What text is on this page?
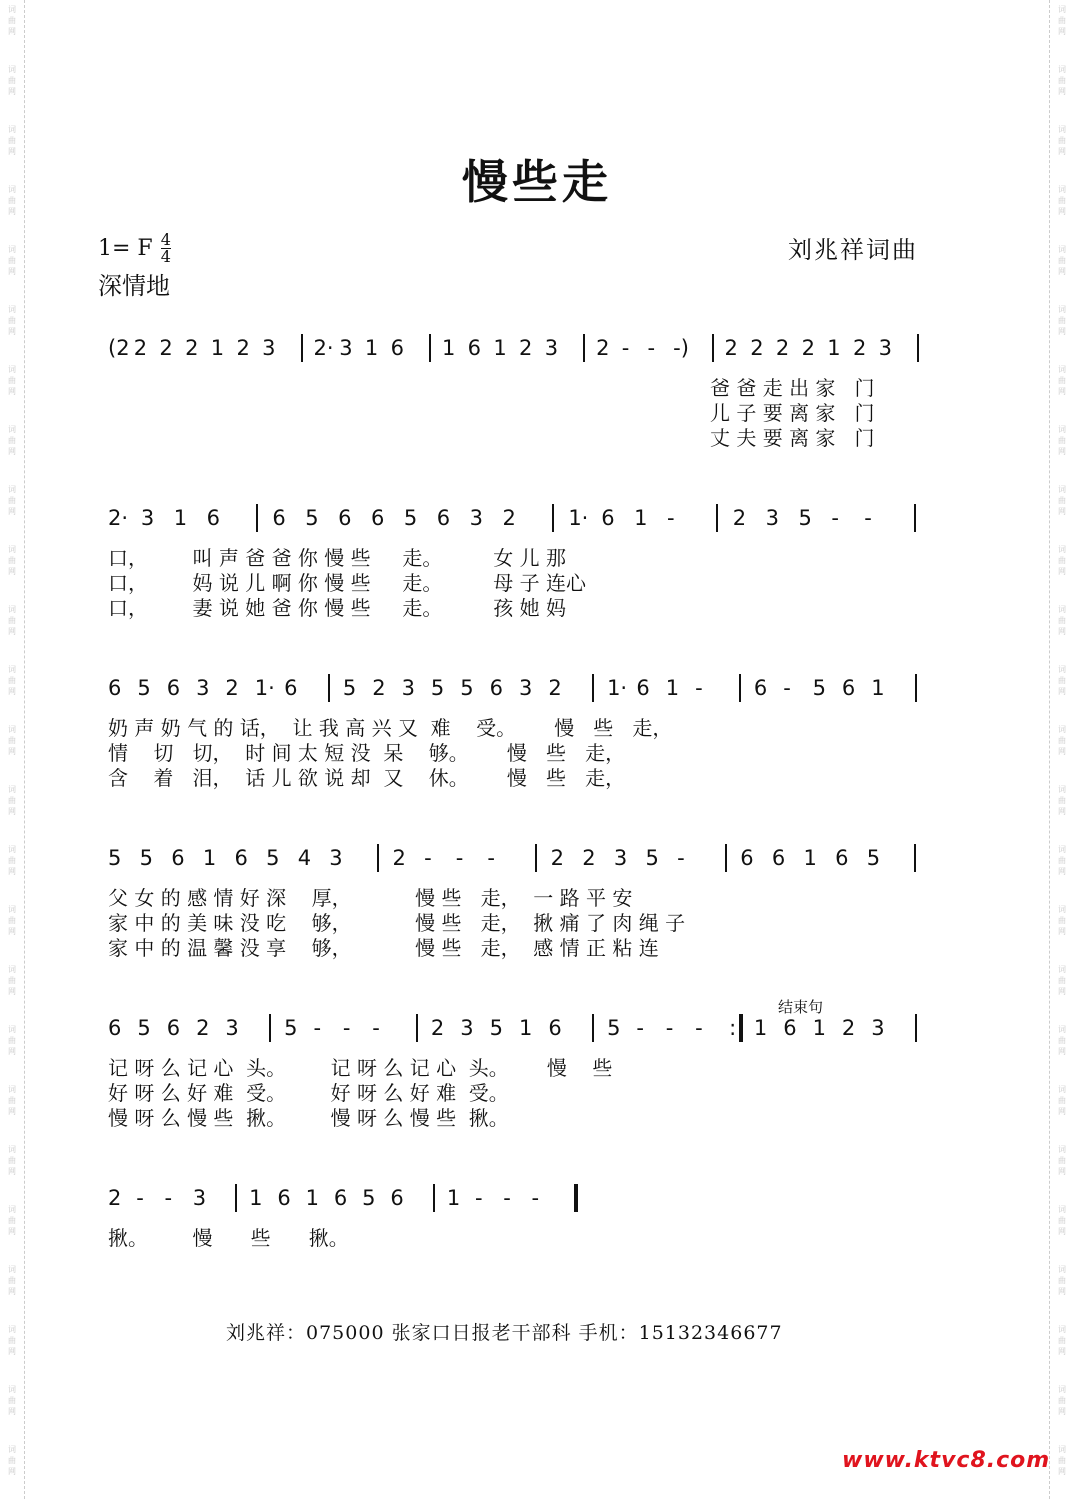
词
曲
网
词
曲
网
词
曲
网
词
曲
网
词
曲
网
词
曲
网
词
曲
网
词
曲
网
词
曲
网
词
曲
网
词
曲
网
词
曲
网
词
曲
网
词
曲
网
词
曲
网
词
曲
网
词
曲
网
词
曲
网
词
曲
网
词
曲
网
词
曲
网
词
曲
网
词
曲
网
词
曲
网
词
曲
网
词
曲
网
词
曲
网
词
曲
网
词
曲
网
词
曲
网
词
曲
网
词
曲
网
词
曲
网
词
曲
网
词
曲
网
词
曲
网
词
曲
网
词
曲
网
词
曲
网
词
曲
网
词
曲
网
词
曲
网
词
曲
网
词
曲
网
词
曲
网
词
曲
网
词
曲
网
词
曲
网
词
曲
网
词
曲
网
慢些走
1= F $\frac{4}{4}$
深情地
刘兆祥词曲
结束句
(2 2 2 2 1 2 3 2· 3 1 6 1 6 1 2 3 2 - - -) 2 2 2 2 1 2 3
爸 爸 走 出 家   门
儿 子 要 离 家   门
丈 夫 要 离 家   门
2· 3 1 6 6 5 6 6 5 6 3 2 1· 6 1 -	2 3 5 - -
口，       叫 声 爸 爸 你 慢 些     走。        女 儿 那
口，       妈 说 儿 啊 你 慢 些     走。        母 子 连心
口，       妻 说 她 爸 你 慢 些     走。        孩 她 妈
6 5 6 3 2 1· 6 5 2 3 5 5 6 3 2 1· 6 1 - 6 - 5 6 1
奶 声 奶 气 的 话，  让 我 高 兴 又  难    受。      慢   些   走，
情    切   切，  时 间 太 短 没  呆    够。      慢   些   走，
含    着   泪，  话 儿 欲 说 却  又    休。      慢   些   走，
5 5 6 1 6 5 4 3 2 - - -	2 2 3 5 -	6 6 1 6 5
父 女 的 感 情 好 深    厚，          慢 些   走，  一 路 平 安
家 中 的 美 味 没 吃    够，          慢 些   走，  揪 痛 了 肉 绳 子
家 中 的 温 馨 没 享    够，          慢 些   走，  感 情 正 粘 连
6 5 6 2 3 5 - - - 2 3 5 1 6 5 - - - : 1 6 1 2 3
记 呀 么 记 心  头。       记 呀 么 记 心  头。      慢    些
好 呀 么 好 难  受。       好 呀 么 好 难  受。
慢 呀 么 慢 些  揪。       慢 呀 么 慢 些  揪。
2 - - 3 1 6 1 6 5 6 1 - - -
揪。       慢      些      揪。
刘兆祥：075000 张家口日报老干部科 手机：15132346677
www.ktvc8.com
